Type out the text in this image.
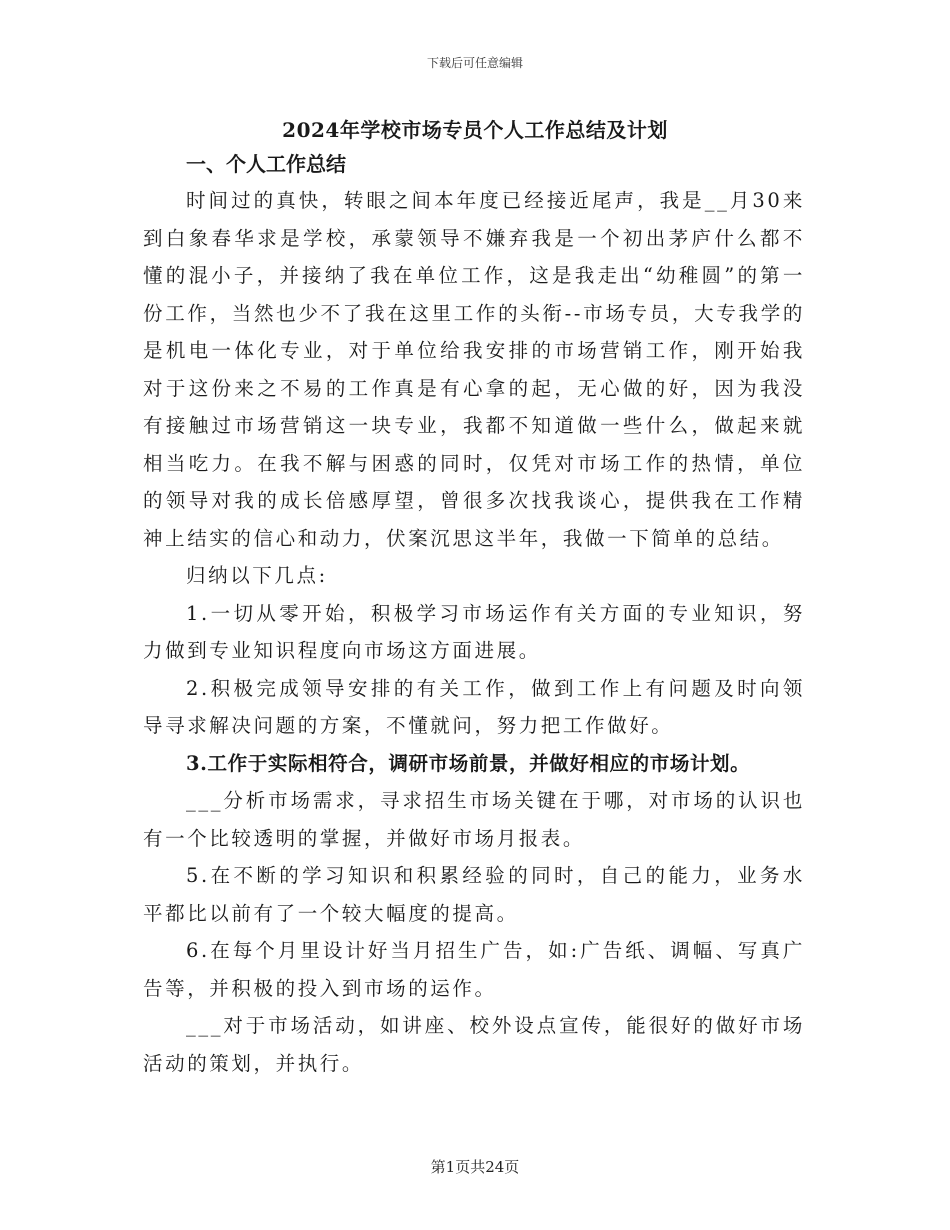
下载后可任意编辑
2024年学校市场专员个人工作总结及计划
一、个人工作总结

时间过的真快，转眼之间本年度已经接近尾声，我是__月30来到白象春华求是学校，承蒙领导不嫌弃我是一个初出茅庐什么都不懂的混小子，并接纳了我在单位工作，这是我走出“幼稚圆”的第一份工作，当然也少不了我在这里工作的头衔--市场专员，大专我学的是机电一体化专业，对于单位给我安排的市场营销工作，刚开始我对于这份来之不易的工作真是有心拿的起，无心做的好，因为我没有接触过市场营销这一块专业，我都不知道做一些什么，做起来就相当吃力。在我不解与困惑的同时，仅凭对市场工作的热情，单位的领导对我的成长倍感厚望，曾很多次找我谈心，提供我在工作精神上结实的信心和动力，伏案沉思这半年，我做一下简单的总结。

归纳以下几点:

1.一切从零开始，积极学习市场运作有关方面的专业知识，努力做到专业知识程度向市场这方面进展。

2.积极完成领导安排的有关工作，做到工作上有问题及时向领导寻求解决问题的方案，不懂就问，努力把工作做好。

3.工作于实际相符合，调研市场前景，并做好相应的市场计划。

___分析市场需求，寻求招生市场关键在于哪，对市场的认识也有一个比较透明的掌握，并做好市场月报表。

5.在不断的学习知识和积累经验的同时，自己的能力，业务水平都比以前有了一个较大幅度的提高。

6.在每个月里设计好当月招生广告，如:广告纸、调幅、写真广告等，并积极的投入到市场的运作。

___对于市场活动，如讲座、校外设点宣传，能很好的做好市场活动的策划，并执行。

第1页共24页
